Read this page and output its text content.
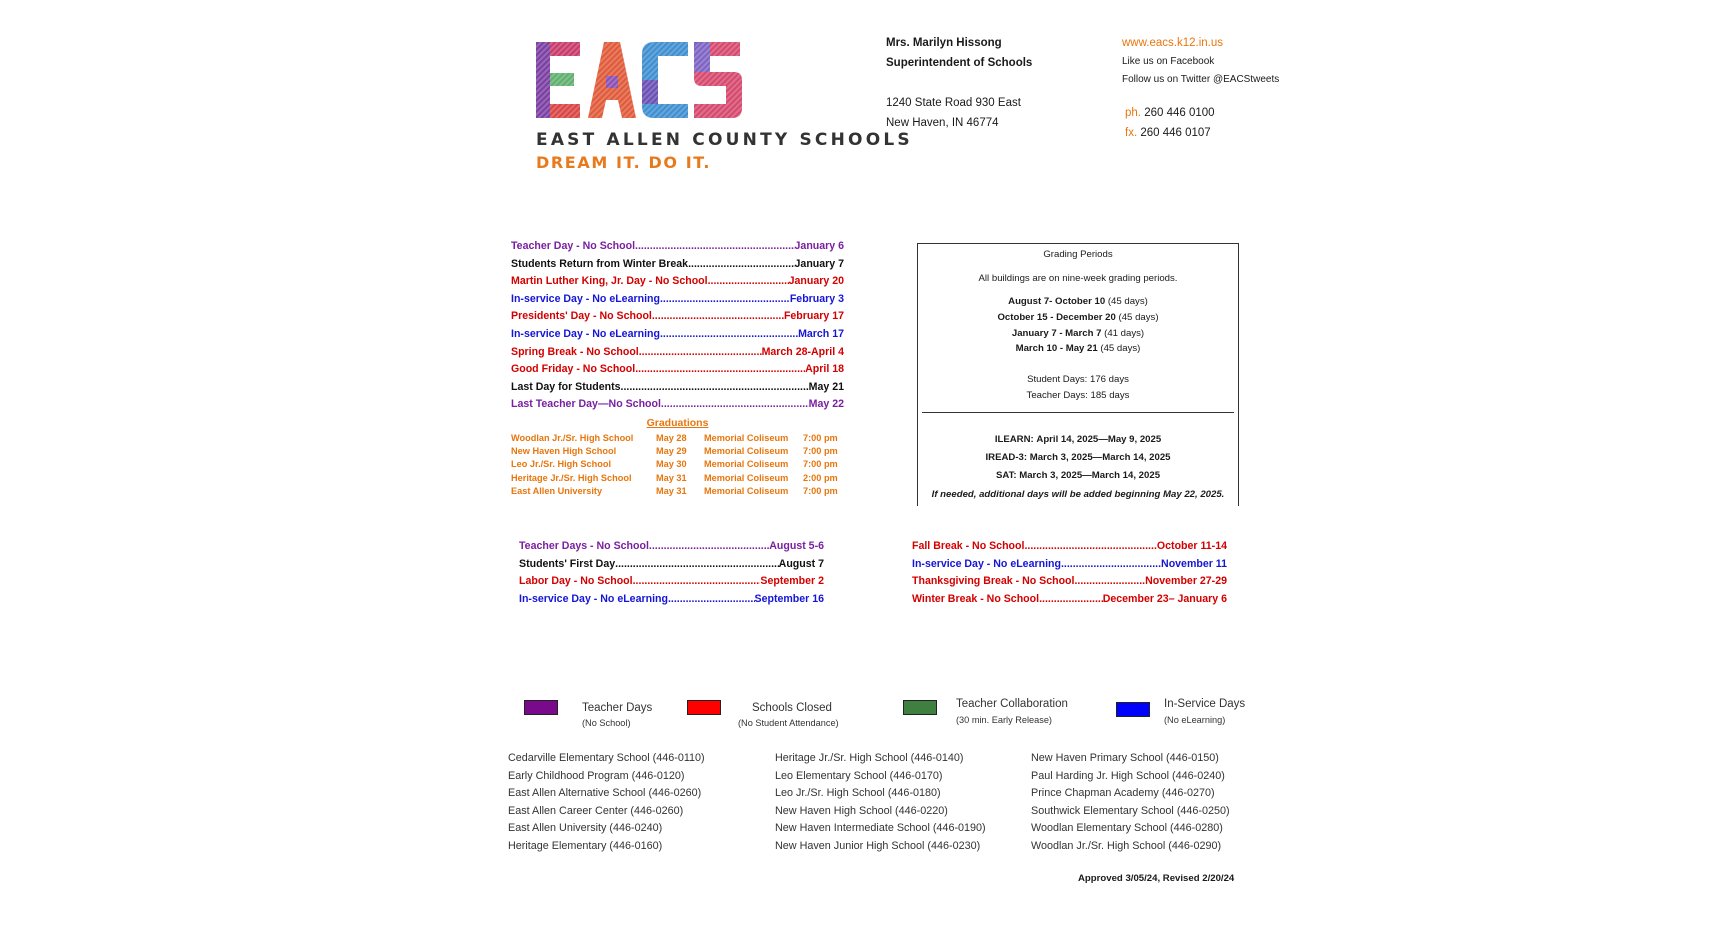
EAST ALLEN COUNTY SCHOOLS
DREAM IT. DO IT.
Mrs. Marilyn Hissong
Superintendent of Schools
1240 State Road 930 East
New Haven, IN 46774
www.eacs.k12.in.us
Like us on Facebook
Follow us on Twitter @EACStweets
ph. 260 446 0100
fx. 260 446 0107
Teacher Day - No School .....	January 6
Students Return from Winter Break .....	January 7
Martin Luther King, Jr. Day - No School .....	January 20
In-service Day - No eLearning .....	February 3
Presidents' Day - No School .....	February 17
In-service Day - No eLearning .....	March 17
Spring Break - No School .....	March 28-April 4
Good Friday - No School .....	April 18
Last Day for Students .....	May 21
Last Teacher Day—No School .....	May 22
Graduations
Woodlan Jr./Sr. High School May 28 Memorial Coliseum 7:00 pm
New Haven High School	May 29 Memorial Coliseum 7:00 pm
Leo Jr./Sr. High School	May 30 Memorial Coliseum 7:00 pm
Heritage Jr./Sr. High School	May 31 Memorial Coliseum 2:00 pm
East Allen University	May 31 Memorial Coliseum 7:00 pm
Grading Periods
All buildings are on nine-week grading periods.
August 7- October 10 (45 days)
October 15 - December 20 (45 days)
January 7 - March 7 (41 days)
March 10 - May 21 (45 days)
Student Days: 176 days
Teacher Days: 185 days
ILEARN: April 14, 2025—May 9, 2025
IREAD-3: March 3, 2025—March 14, 2025
SAT: March 3, 2025—March 14, 2025
If needed, additional days will be added beginning May 22, 2025.
Teacher Days - No School .....	August 5-6
Students' First Day .....	August 7
Labor Day - No School .....	September 2
In-service Day - No eLearning .....	September 16
Fall Break - No School .....	October 11-14
In-service Day - No eLearning .....	November 11
Thanksgiving Break - No School .....	November 27-29
Winter Break - No School .....	December 23– January 6
Teacher Days
(No School)
Schools Closed
(No Student Attendance)
Teacher Collaboration
(30 min. Early Release)
In-Service Days
(No eLearning)
Cedarville Elementary School (446-0110)
Early Childhood Program (446-0120)
East Allen Alternative School (446-0260)
East Allen Career Center (446-0260)
East Allen University (446-0240)
Heritage Elementary (446-0160)
Heritage Jr./Sr. High School (446-0140)
Leo Elementary School (446-0170)
Leo Jr./Sr. High School (446-0180)
New Haven High School (446-0220)
New Haven Intermediate School (446-0190)
New Haven Junior High School (446-0230)
New Haven Primary School (446-0150)
Paul Harding Jr. High School (446-0240)
Prince Chapman Academy (446-0270)
Southwick Elementary School (446-0250)
Woodlan Elementary School (446-0280)
Woodlan Jr./Sr. High School (446-0290)
Approved 3/05/24, Revised 2/20/24
